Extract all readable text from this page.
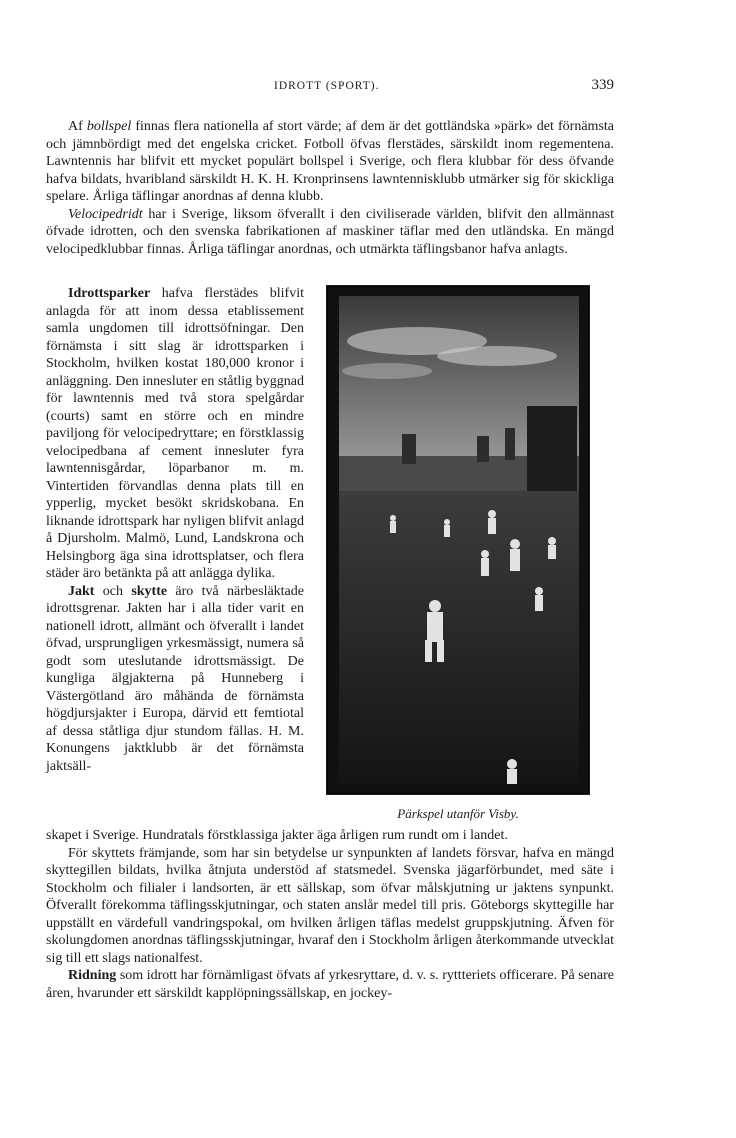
IDROTT (SPORT).	339

Af bollspel finnas flera nationella af stort värde; af dem är det gottländska »pärk» det förnämsta och jämnbördigt med det engelska cricket. Fotboll öfvas flerstädes, särskildt inom regementena. Lawntennis har blifvit ett mycket populärt bollspel i Sverige, och flera klubbar för dess öfvande hafva bildats, hvaribland särskildt H. K. H. Kronprinsens lawntennisklubb utmärker sig för skickliga spelare. Årliga täflingar anordnas af denna klubb.

Velocipedridt har i Sverige, liksom öfverallt i den civiliserade världen, blifvit den allmännast öfvade idrotten, och den svenska fabrikationen af maskiner täflar med den utländska. En mängd velocipedklubbar finnas. Årliga täflingar anordnas, och utmärkta täflingsbanor hafva anlagts.

Idrottsparker hafva flerstädes blifvit anlagda för att inom dessa etablissement samla ungdomen till idrottsöfningar. Den förnämsta i sitt slag är idrottsparken i Stockholm, hvilken kostat 180,000 kronor i anläggning. Den innesluter en ståtlig byggnad för lawntennis med två stora spelgårdar (courts) samt en större och en mindre paviljong för velocipedryttare; en förstklassig velocipedbana af cement innesluter fyra lawntennisgårdar, löparbanor m. m. Vintertiden förvandlas denna plats till en ypperlig, mycket besökt skridskobana. En liknande idrottspark har nyligen blifvit anlagd å Djursholm. Malmö, Lund, Landskrona och Helsingborg äga sina idrottsplatser, och flera städer äro betänkta på att anlägga dylika.

Jakt och skytte äro två närbesläktade idrottsgrenar. Jakten har i alla tider varit en nationell idrott, allmänt och öfverallt i landet öfvad, ursprungligen yrkesmässigt, numera så godt som uteslutande idrottsmässigt. De kungliga älgjakterna på Hunneberg i Västergötland äro måhända de förnämsta högdjursjakter i Europa, därvid ett femtiotal af dessa ståtliga djur stundom fällas. H. M. Konungens jaktklubb är det förnämsta jaktsäll-

Pärkspel utanför Visby.

skapet i Sverige. Hundratals förstklassiga jakter äga årligen rum rundt om i landet.

För skyttets främjande, som har sin betydelse ur synpunkten af landets försvar, hafva en mängd skyttegillen bildats, hvilka åtnjuta understöd af statsmedel. Svenska jägarförbundet, med säte i Stockholm och filialer i landsorten, är ett sällskap, som öfvar målskjutning ur jaktens synpunkt. Öfverallt förekomma täflingsskjutningar, och staten anslår medel till pris. Göteborgs skyttegille har uppställt en värdefull vandringspokal, om hvilken årligen täflas medelst gruppskjutning. Äfven för skolungdomen anordnas täflingsskjutningar, hvaraf den i Stockholm årligen återkommande utvecklat sig till ett slags nationalfest.

Ridning som idrott har förnämligast öfvats af yrkesryttare, d. v. s. ryttteriets officerare. På senare åren, hvarunder ett särskildt kapplöpningssällskap, en jockey-
